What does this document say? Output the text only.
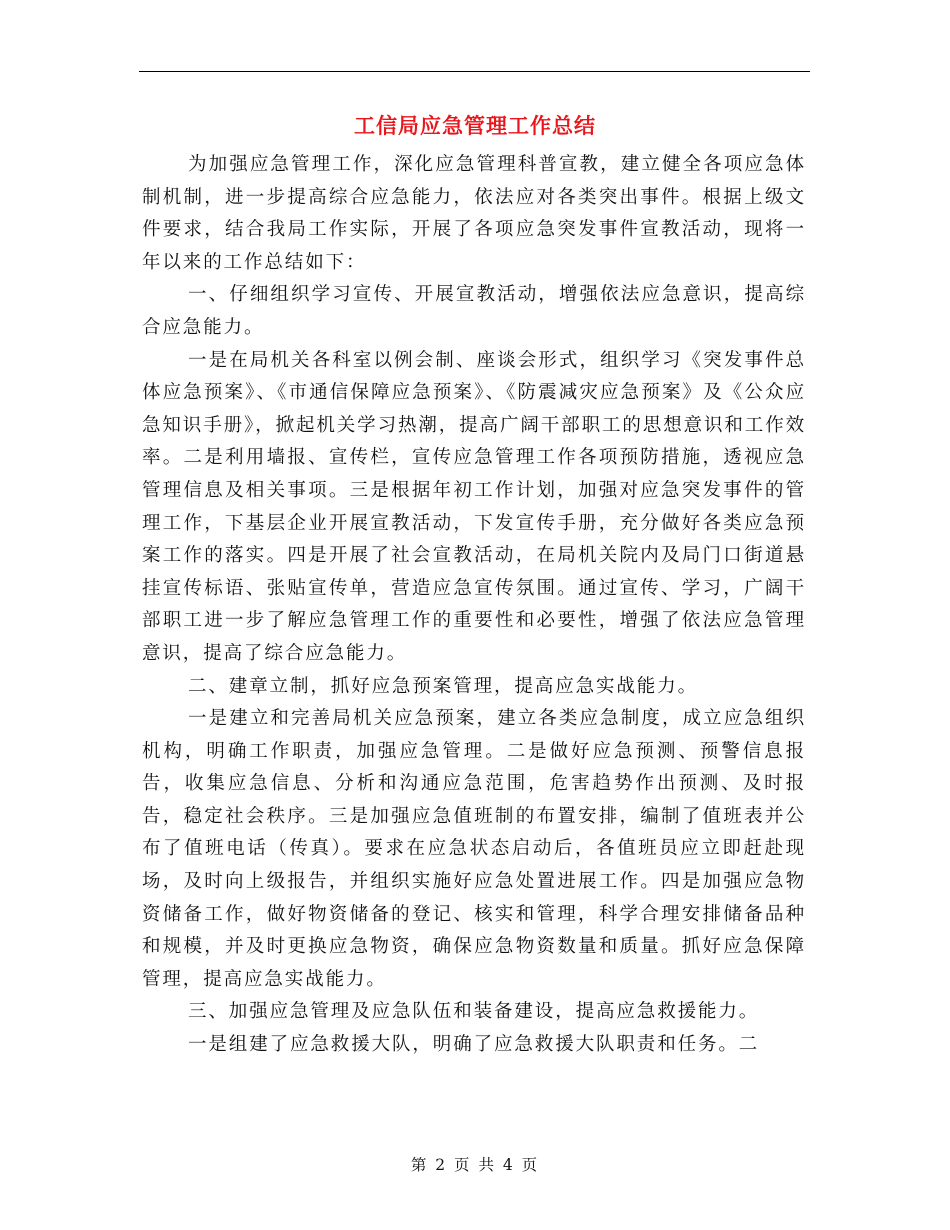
工信局应急管理工作总结

为加强应急管理工作，深化应急管理科普宣教，建立健全各项应急体制机制，进一步提高综合应急能力，依法应对各类突出事件。根据上级文件要求，结合我局工作实际，开展了各项应急突发事件宣教活动，现将一年以来的工作总结如下：

一、仔细组织学习宣传、开展宣教活动，增强依法应急意识，提高综合应急能力。

一是在局机关各科室以例会制、座谈会形式，组织学习《突发事件总体应急预案》、《市通信保障应急预案》、《防震减灾应急预案》及《公众应急知识手册》，掀起机关学习热潮，提高广阔干部职工的思想意识和工作效率。二是利用墙报、宣传栏，宣传应急管理工作各项预防措施，透视应急管理信息及相关事项。三是根据年初工作计划，加强对应急突发事件的管理工作，下基层企业开展宣教活动，下发宣传手册，充分做好各类应急预案工作的落实。四是开展了社会宣教活动，在局机关院内及局门口街道悬挂宣传标语、张贴宣传单，营造应急宣传氛围。通过宣传、学习，广阔干部职工进一步了解应急管理工作的重要性和必要性，增强了依法应急管理意识，提高了综合应急能力。

二、建章立制，抓好应急预案管理，提高应急实战能力。

一是建立和完善局机关应急预案，建立各类应急制度，成立应急组织机构，明确工作职责，加强应急管理。二是做好应急预测、预警信息报告，收集应急信息、分析和沟通应急范围，危害趋势作出预测、及时报告，稳定社会秩序。三是加强应急值班制的布置安排，编制了值班表并公布了值班电话（传真）。要求在应急状态启动后，各值班员应立即赶赴现场，及时向上级报告，并组织实施好应急处置进展工作。四是加强应急物资储备工作，做好物资储备的登记、核实和管理，科学合理安排储备品种和规模，并及时更换应急物资，确保应急物资数量和质量。抓好应急保障管理，提高应急实战能力。

三、加强应急管理及应急队伍和装备建设，提高应急救援能力。

一是组建了应急救援大队，明确了应急救援大队职责和任务。二

第 2 页 共 4 页
